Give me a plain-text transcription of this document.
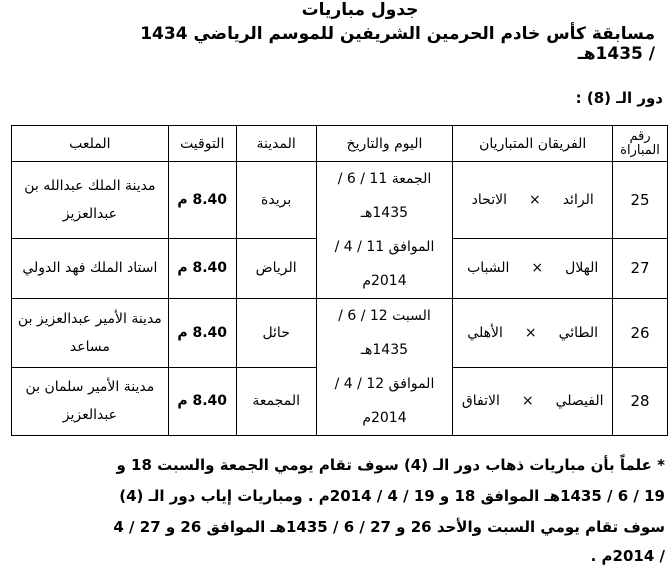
جدول مباريات
مسابقة كأس خادم الحرمين الشريفين للموسم الرياضي 1434 / 1435هـ
دور الـ (8) :
رقم المباراة	الفريقان المتباريان	اليوم والتاريخ	المدينة	التوقيت	الملعب
25	الرائد×الاتحاد	الجمعة 11 / 6 /
1435هـ
الموافق 11 / 4 /
2014م	بريدة	8.40 م	مدينة الملك عبدالله بن عبدالعزيز
27	الهلال×الشباب		الرياض	8.40 م	استاد الملك فهد الدولي
26	الطائي×الأهلي	السبت 12 / 6 /
1435هـ
الموافق 12 / 4 /
2014م	حائل	8.40 م	مدينة الأمير عبدالعزيز بن مساعد
28	الفيصلي×الاتفاق		المجمعة	8.40 م	مدينة الأمير سلمان بن عبدالعزيز
* علماً بأن مباريات ذهاب دور الـ (4) سوف تقام يومي الجمعة والسبت 18 و
19 / 6 / 1435هـ الموافق 18 و 19 / 4 / 2014م . ومباريات إياب دور الـ (4)
سوف تقام يومي السبت والأحد 26 و 27 / 6 / 1435هـ الموافق 26 و 27 / 4
/ 2014م .
